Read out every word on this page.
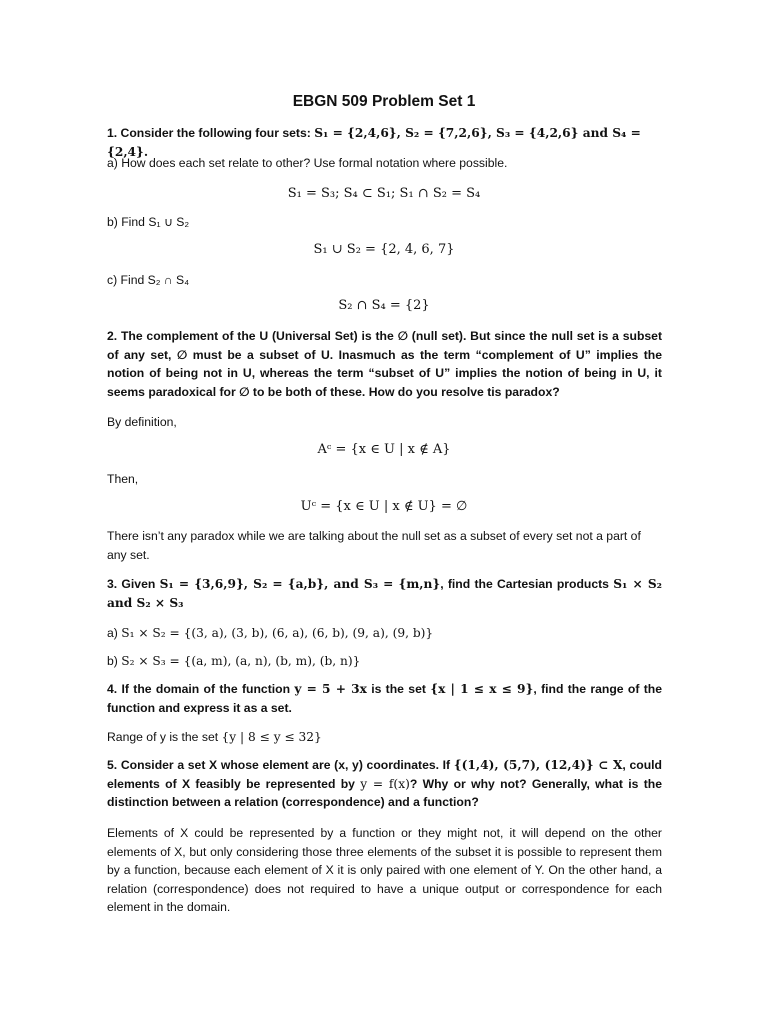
EBGN 509 Problem Set 1
1. Consider the following four sets: S₁ = {2,4,6}, S₂ = {7,2,6}, S₃ = {4,2,6} and S₄ = {2,4}.
a) How does each set relate to other? Use formal notation where possible.
S₁ = S₃; S₄ ⊂ S₁; S₁ ∩ S₂ = S₄
b) Find S₁ ∪ S₂
S₁ ∪ S₂ = {2, 4, 6, 7}
c) Find S₂ ∩ S₄
S₂ ∩ S₄ = {2}
2. The complement of the U (Universal Set) is the ∅ (null set). But since the null set is a subset of any set, ∅ must be a subset of U. Inasmuch as the term “complement of U” implies the notion of being not in U, whereas the term “subset of U” implies the notion of being in U, it seems paradoxical for ∅ to be both of these. How do you resolve tis paradox?
By definition,
Aᶜ = {x ∈ U | x ∉ A}
Then,
Uᶜ = {x ∈ U | x ∉ U} = ∅
There isn’t any paradox while we are talking about the null set as a subset of every set not a part of any set.
3. Given S₁ = {3,6,9}, S₂ = {a,b}, and S₃ = {m,n}, find the Cartesian products S₁ × S₂ and S₂ × S₃
a) S₁ × S₂ = {(3, a), (3, b), (6, a), (6, b), (9, a), (9, b)}
b) S₂ × S₃ = {(a, m), (a, n), (b, m), (b, n)}
4. If the domain of the function y = 5 + 3x is the set {x | 1 ≤ x ≤ 9}, find the range of the function and express it as a set.
Range of y is the set {y | 8 ≤ y ≤ 32}
5. Consider a set X whose element are (x, y) coordinates. If {(1,4), (5,7), (12,4)} ⊂ X, could elements of X feasibly be represented by y = f(x)? Why or why not? Generally, what is the distinction between a relation (correspondence) and a function?
Elements of X could be represented by a function or they might not, it will depend on the other elements of X, but only considering those three elements of the subset it is possible to represent them by a function, because each element of X it is only paired with one element of Y. On the other hand, a relation (correspondence) does not required to have a unique output or correspondence for each element in the domain.
